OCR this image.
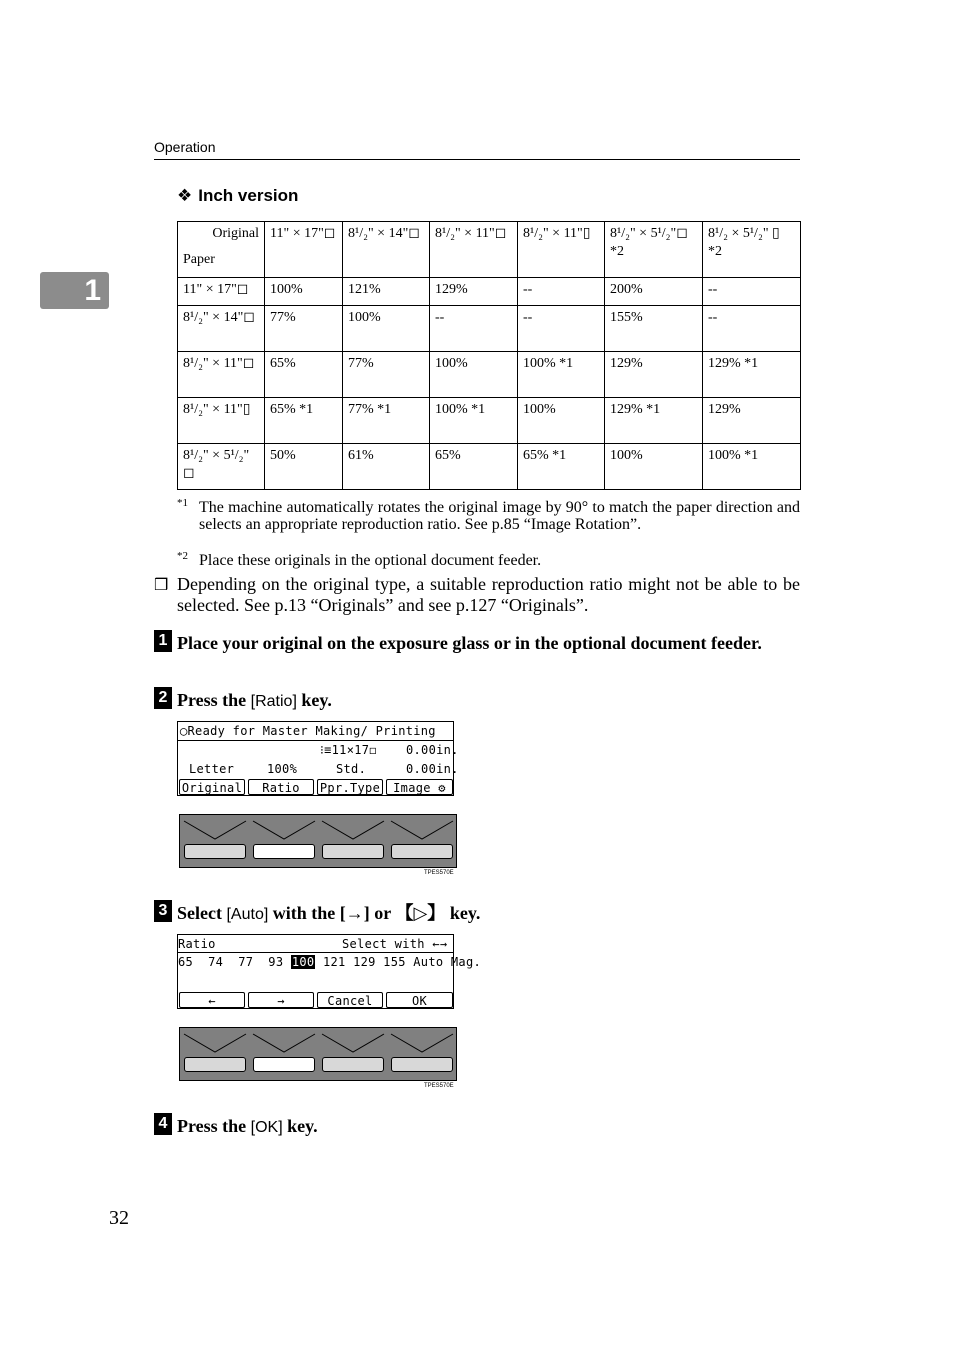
Operation
1
❖ Inch version
Original
Paper	11" × 17"◻	8¹/₂" × 14"◻	8¹/₂" × 11"◻	8¹/₂" × 11"▯	8¹/₂" × 5¹/₂"◻ *2	8¹/₂ × 5¹/₂" ▯ *2
11" × 17"◻	100%	121%	129%	--	200%	--
8¹/₂" × 14"◻	77%	100%	--	--	155%	--
8¹/₂" × 11"◻	65%	77%	100%	100% *1	129%	129% *1
8¹/₂" × 11"▯	65% *1	77% *1	100% *1	100%	129% *1	129%
8¹/₂" × 5¹/₂" ◻	50%	61%	65%	65% *1	100%	100% *1
*1 The machine automatically rotates the original image by 90° to match the paper direction and selects an appropriate reproduction ratio. See p.85 “Image Rotation”.
*2 Place these originals in the optional document feeder.
❒ Depending on the original type, a suitable reproduction ratio might not be able to be selected. See p.13 “Originals” and see p.127 “Originals”.
1 Place your original on the exposure glass or in the optional document feeder.
2 Press the [Ratio] key.
◯Ready for Master Making/ Printing
⁝≡11×17◻ 0.00in.
Letter	100%	Std.	0.00in.
Original	Ratio	Ppr.Type	Image ⚙
TPES570E
3 Select [Auto] with the [→] or 【▷】 key.
Ratio	Select with ←→
65  74  77  93 100 121 129 155 Auto Mag.
←	→	Cancel	OK
TPES570E
4 Press the [OK] key.
32
